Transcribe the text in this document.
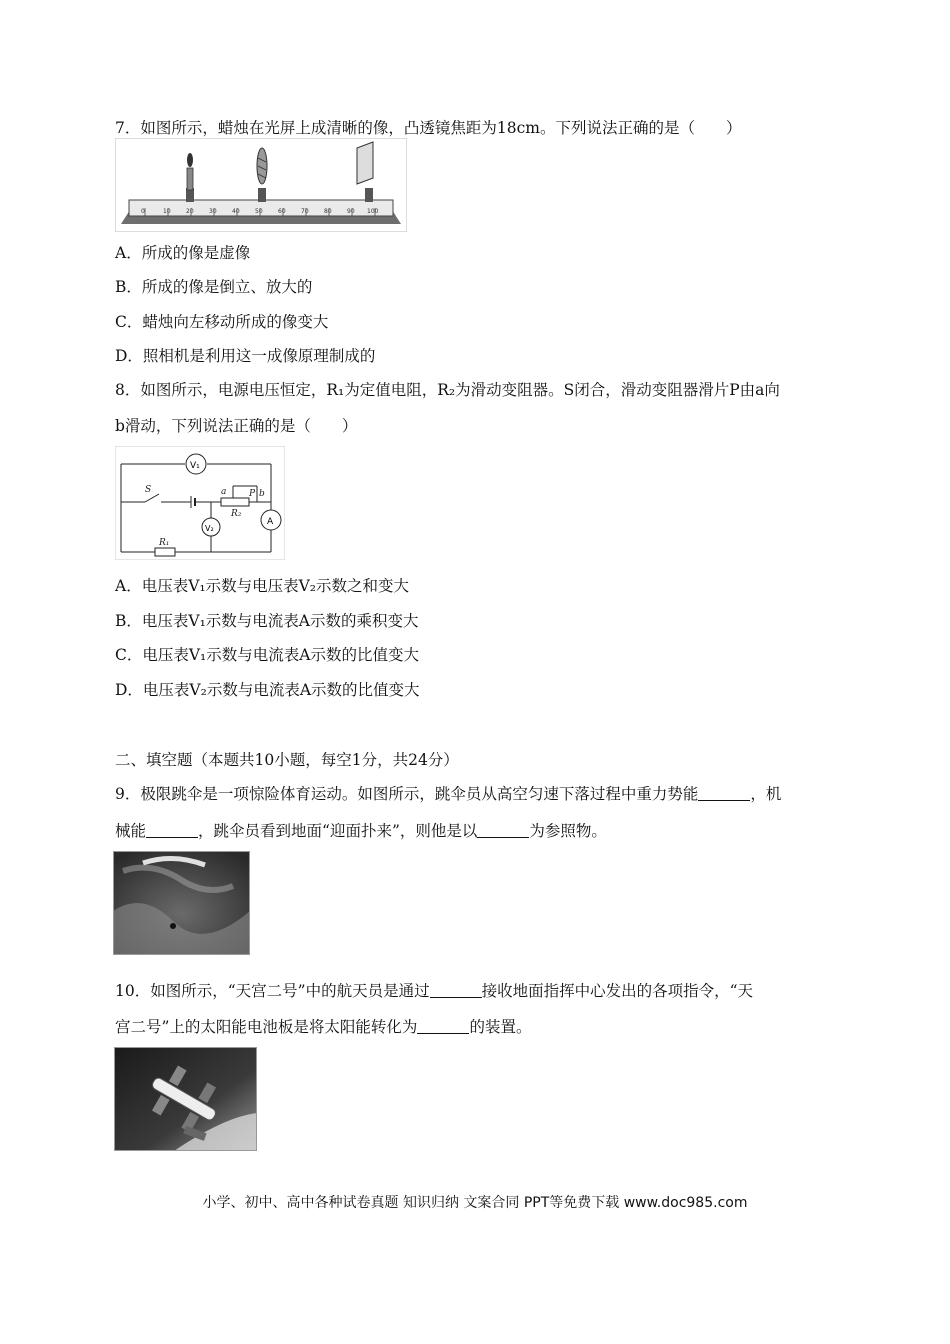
7．如图所示，蜡烛在光屏上成清晰的像，凸透镜焦距为18cm。下列说法正确的是（　　）
0	10	20	30	40	50	60	70	80	90 100
A．所成的像是虚像
B．所成的像是倒立、放大的
C．蜡烛向左移动所成的像变大
D．照相机是利用这一成像原理制成的
8．如图所示，电源电压恒定，R₁为定值电阻，R₂为滑动变阻器。S闭合，滑动变阻器滑片P由a向
b滑动，下列说法正确的是（　　）
V₁
V₂
A
S	a	P b
R₂
R₁
A．电压表V₁示数与电压表V₂示数之和变大
B．电压表V₁示数与电流表A示数的乘积变大
C．电压表V₁示数与电流表A示数的比值变大
D．电压表V₂示数与电流表A示数的比值变大
二、填空题（本题共10小题，每空1分，共24分）
9．极限跳伞是一项惊险体育运动。如图所示，跳伞员从高空匀速下落过程中重力势能	，机
械能	，跳伞员看到地面“迎面扑来”，则他是以	为参照物。
10．如图所示，“天宫二号”中的航天员是通过	接收地面指挥中心发出的各项指令，“天
宫二号”上的太阳能电池板是将太阳能转化为	的装置。
小学、初中、高中各种试卷真题 知识归纳 文案合同 PPT等免费下载 www.doc985.com
